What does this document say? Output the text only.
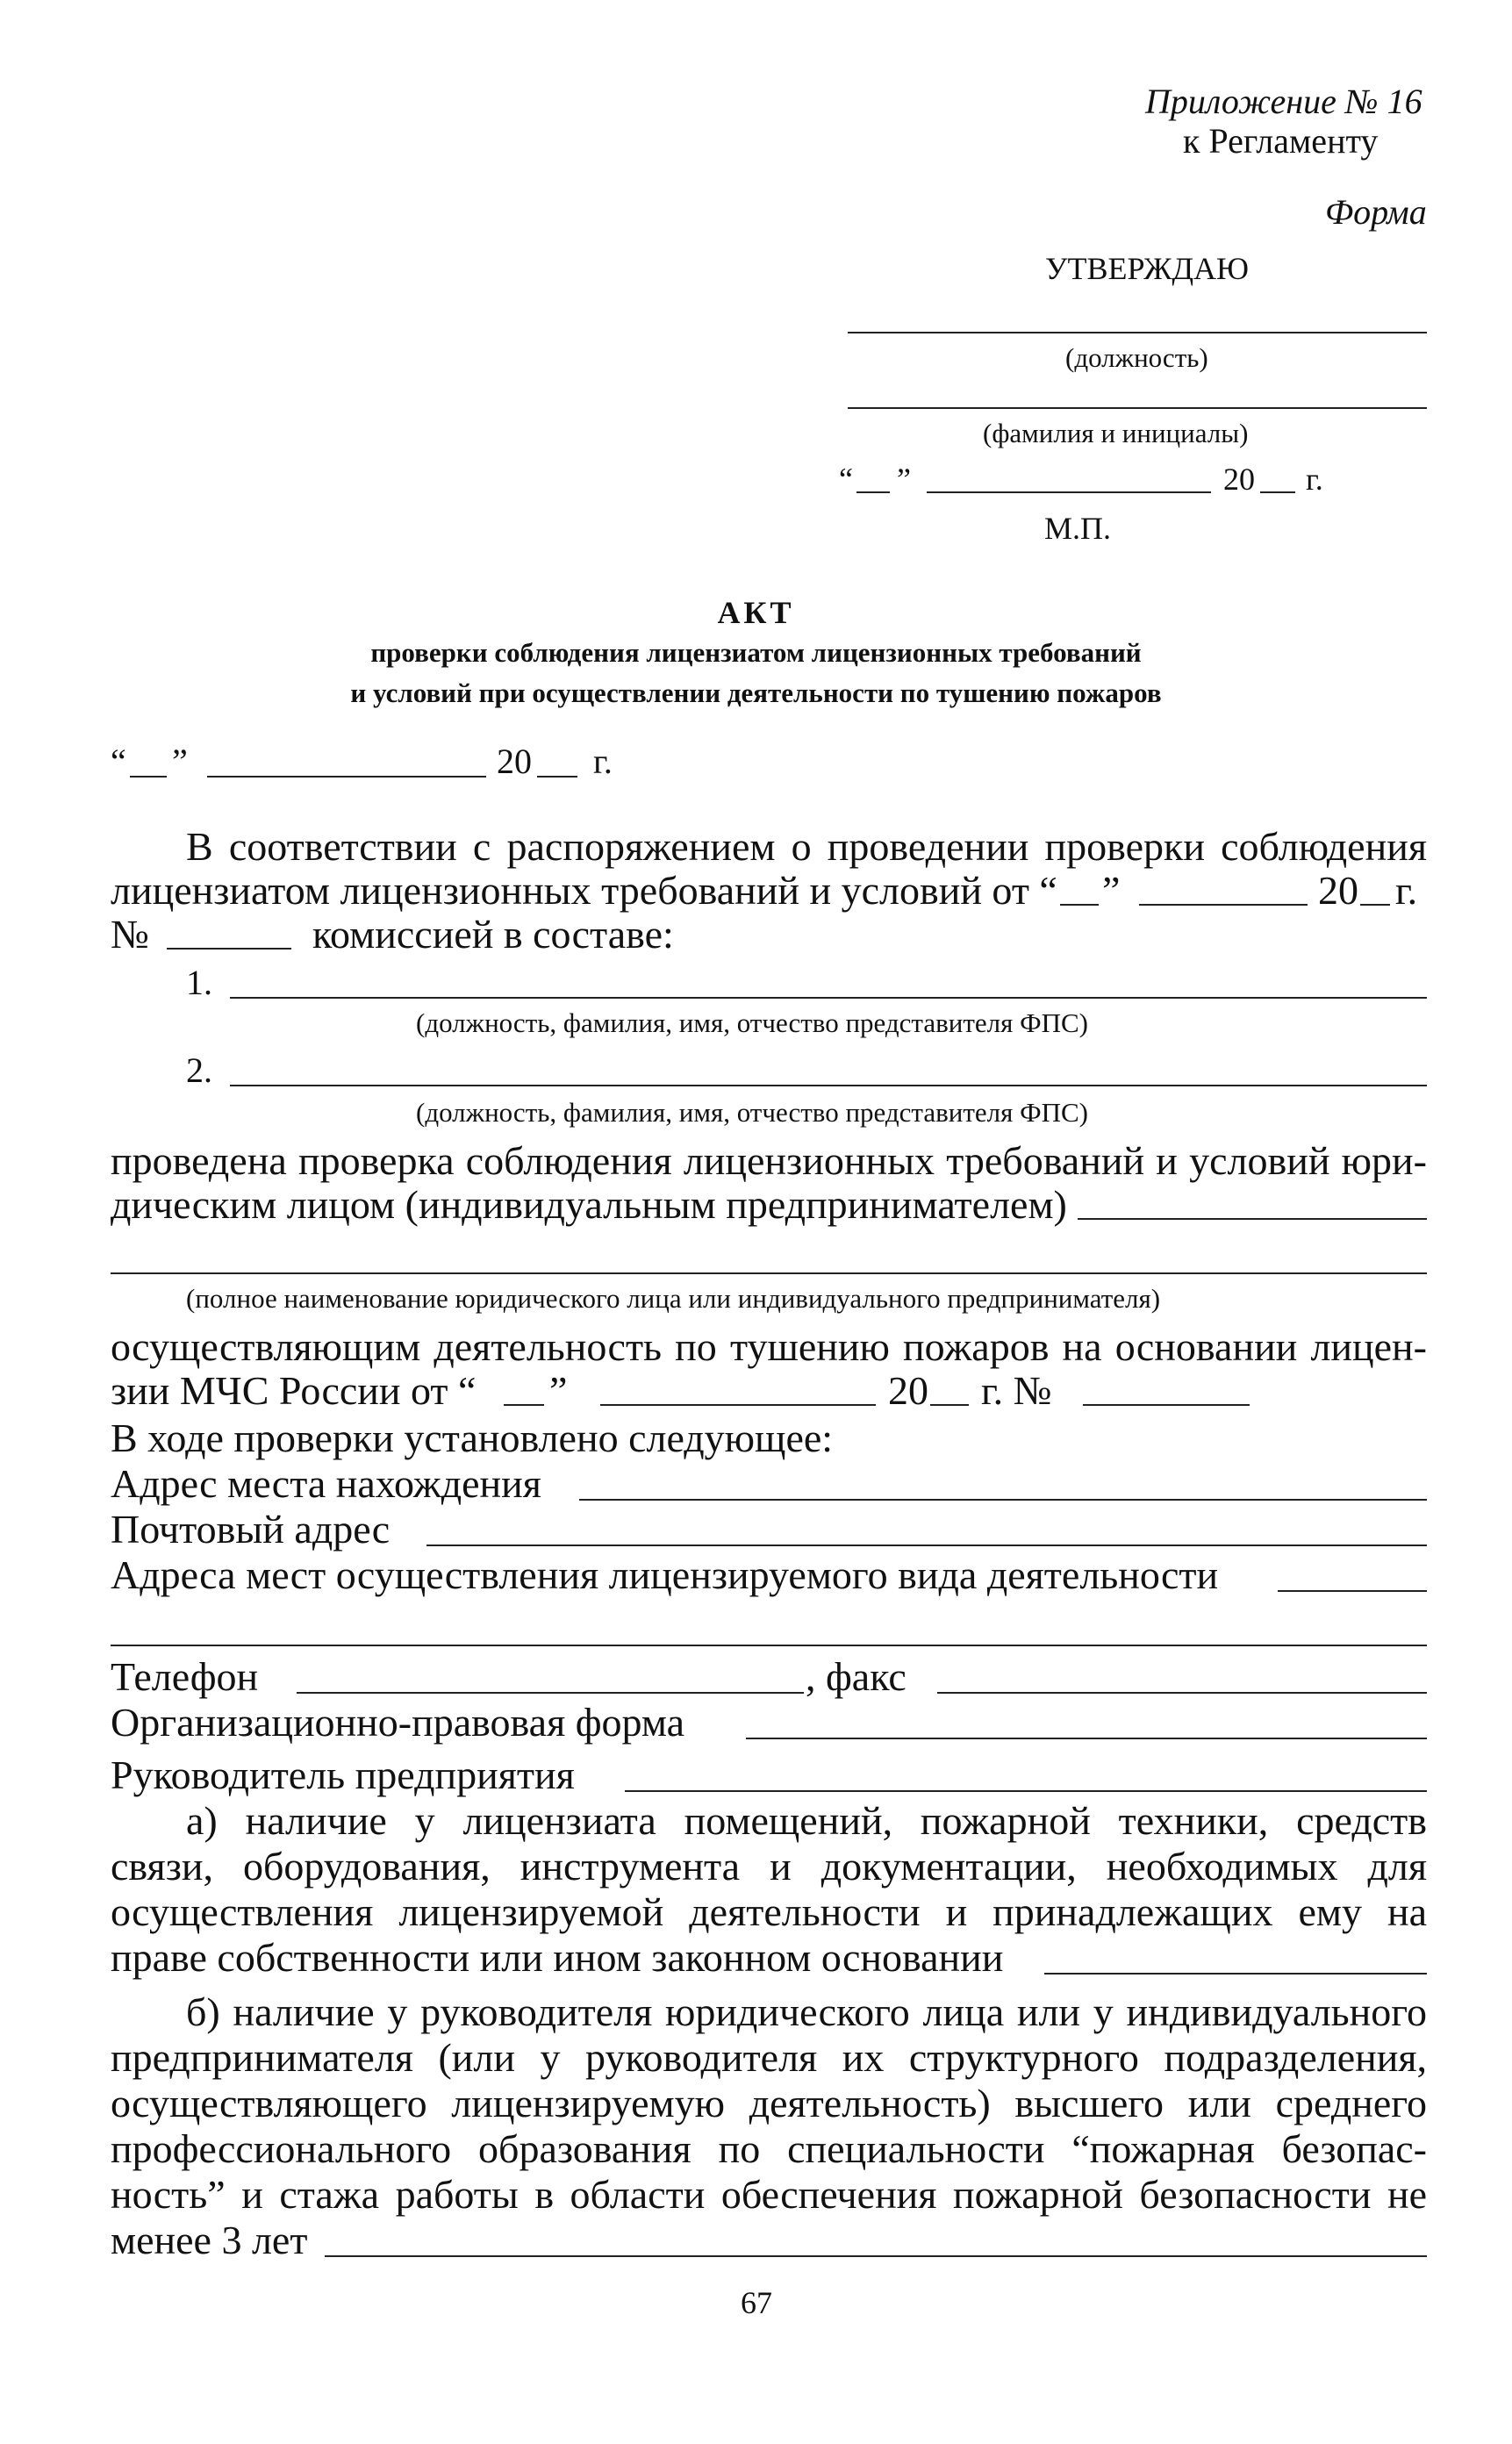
Приложение № 16
к Регламенту
Форма
УТВЕРЖДАЮ
(должность)
(фамилия и инициалы)
“ ”	20 г.
М.П.
АКТ
проверки соблюдения лицензиатом лицензионных требований
и условий при осуществлении деятельности по тушению пожаров
“ ”	20 г.
В соответствии с распоряжением о проведении проверки соблюдения
лицензиатом лицензионных требований и условий от “ ”	20 г.
№	комиссией в составе:
1.
(должность, фамилия, имя, отчество представителя ФПС)
2.
(должность, фамилия, имя, отчество представителя ФПС)
проведена проверка соблюдения лицензионных требований и условий юри-
дическим лицом (индивидуальным предпринимателем)
(полное наименование юридического лица или индивидуального предпринимателя)
осуществляющим деятельность по тушению пожаров на основании лицен-
зии МЧС России от “ ”	20 г. №
В ходе проверки установлено следующее:
Адрес места нахождения
Почтовый адрес
Адреса мест осуществления лицензируемого вида деятельности
Телефон	, факс
Организационно-правовая форма
Руководитель предприятия
а) наличие у лицензиата помещений, пожарной техники, средств
связи, оборудования, инструмента и документации, необходимых для
осуществления лицензируемой деятельности и принадлежащих ему на
праве собственности или ином законном основании
б) наличие у руководителя юридического лица или у индивидуального
предпринимателя (или у руководителя их структурного подразделения,
осуществляющего лицензируемую деятельность) высшего или среднего
профессионального образования по специальности “пожарная безопас-
ность” и стажа работы в области обеспечения пожарной безопасности не
менее 3 лет
67
